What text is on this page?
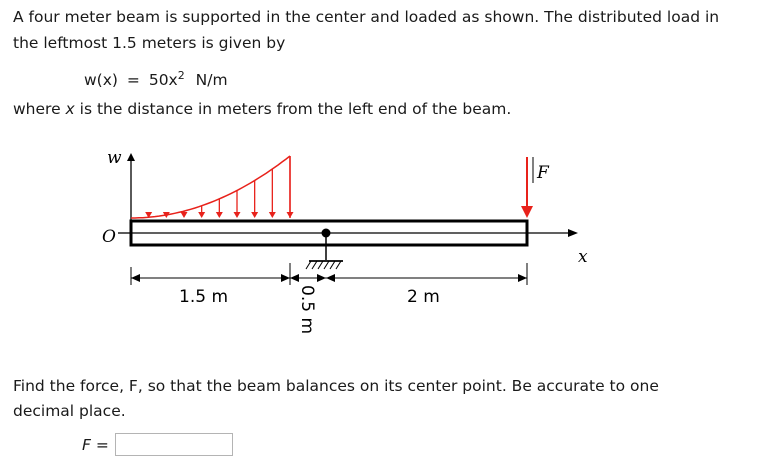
A four meter beam is supported in the center and loaded as shown. The distributed load in
the leftmost 1.5 meters is given by
$w(x) = 50x^2$ N/m
where x is the distance in meters from the left end of the beam.
w
O
x
F
1.5 m	2 m
0.5 m
Find the force, F, so that the beam balances on its center point. Be accurate to one
decimal place.
F =
